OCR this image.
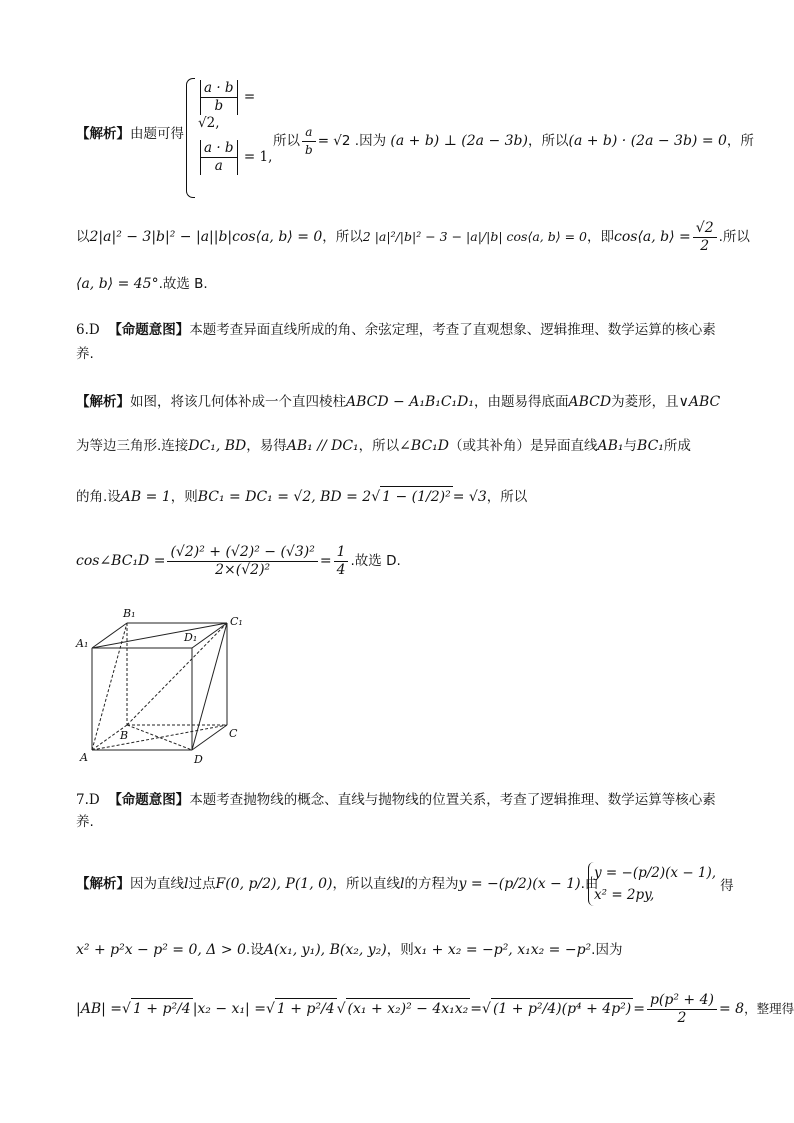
【解析】由题可得
$\frac{a \cdot b}{b} = √2$,
$\frac{a \cdot b}{a} = 1$,
所以 $\frac{a}{b} = √2$ .因为 (a + b) ⊥ (2a − 3b)，所以(a + b) · (2a − 3b) = 0，所
以2|a|² − 3|b|² − |a||b|cos⟨a, b⟩ = 0，所以2 |a|²/|b|² − 3 − |a|/|b| cos⟨a, b⟩ = 0，即cos⟨a, b⟩ = $\frac{√2}{2}$ .所以
⟨a, b⟩ = 45°.故选 B.
6.D 【命题意图】本题考查异面直线所成的角、余弦定理，考查了直观想象、逻辑推理、数学运算的核心素
养.
【解析】如图，将该几何体补成一个直四棱柱ABCD − A₁B₁C₁D₁，由题易得底面ABCD为菱形，且∨ABC
为等边三角形.连接DC₁, BD，易得AB₁ // DC₁，所以∠BC₁D（或其补角）是异面直线AB₁与BC₁所成
的角.设AB = 1，则BC₁ = DC₁ = √2, BD = 2√ 1 − (1/2)² = √3，所以
cos∠BC₁D = $\frac{\text{(√2)² + (√2)² − (√3)²}}{\text{2×(√2)²}} = \frac{1}{4}$ .故选 D.
B₁
C₁
A₁	D₁
B	C
A	D
7.D 【命题意图】本题考查抛物线的概念、直线与抛物线的位置关系，考查了逻辑推理、数学运算等核心素
养.
【解析】因为直线l过点F(0, p/2), P(1, 0)，所以直线l的方程为y = −(p/2)(x − 1).由
y = −(p/2)(x − 1),
x² = 2py,
得
x² + p²x − p² = 0, Δ > 0.设A(x₁, y₁), B(x₂, y₂)，则x₁ + x₂ = −p², x₁x₂ = −p².因为
|AB| =√ 1 + p²/4 |x₂ − x₁| =√ 1 + p²/4 √ (x₁ + x₂)² − 4x₁x₂ =√ $(1 + p^2/4)(p^4 + 4p^2) = \frac{\text{p(p² + 4)}}{2} = 8$，整理得
